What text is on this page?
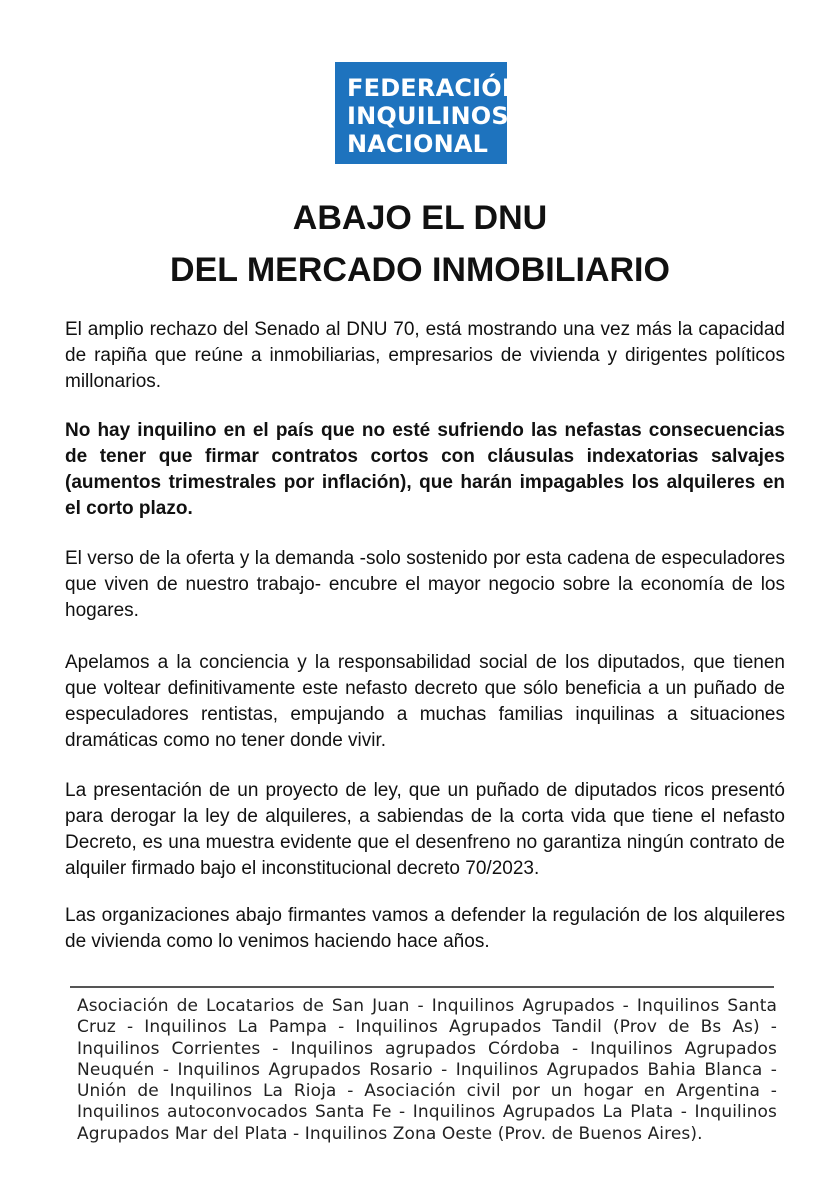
FEDERACIÓN
INQUILINOS
NACIONAL
ABAJO EL DNU
DEL MERCADO INMOBILIARIO

El amplio rechazo del Senado al DNU 70, está mostrando una vez más la capacidad de rapiña que reúne a inmobiliarias, empresarios de vivienda y dirigentes políticos millonarios.

No hay inquilino en el país que no esté sufriendo las nefastas consecuencias de tener que firmar contratos cortos con cláusulas indexatorias salvajes (aumentos trimestrales por inflación), que harán impagables los alquileres en el corto plazo.

El verso de la oferta y la demanda -solo sostenido por esta cadena de especuladores que viven de nuestro trabajo- encubre el mayor negocio sobre la economía de los hogares.

Apelamos a la conciencia y la responsabilidad social de los diputados, que tienen que voltear definitivamente este nefasto decreto que sólo beneficia a un puñado de especuladores rentistas, empujando a muchas familias inquilinas a situaciones dramáticas como no tener donde vivir.

La presentación de un proyecto de ley, que un puñado de diputados ricos presentó para derogar la ley de alquileres, a sabiendas de la corta vida que tiene el nefasto Decreto, es una muestra evidente que el desenfreno no garantiza ningún contrato de alquiler firmado bajo el inconstitucional decreto 70/2023.

Las organizaciones abajo firmantes vamos a defender la regulación de los alquileres de vivienda como lo venimos haciendo hace años.

Asociación de Locatarios de San Juan - Inquilinos Agrupados - Inquilinos Santa Cruz - Inquilinos La Pampa - Inquilinos Agrupados Tandil (Prov de Bs As) - Inquilinos Corrientes - Inquilinos agrupados Córdoba - Inquilinos Agrupados Neuquén - Inquilinos Agrupados Rosario - Inquilinos Agrupados Bahia Blanca - Unión de Inquilinos La Rioja - Asociación civil por un hogar en Argentina - Inquilinos autoconvocados Santa Fe - Inquilinos Agrupados La Plata - Inquilinos Agrupados Mar del Plata - Inquilinos Zona Oeste (Prov. de Buenos Aires).
